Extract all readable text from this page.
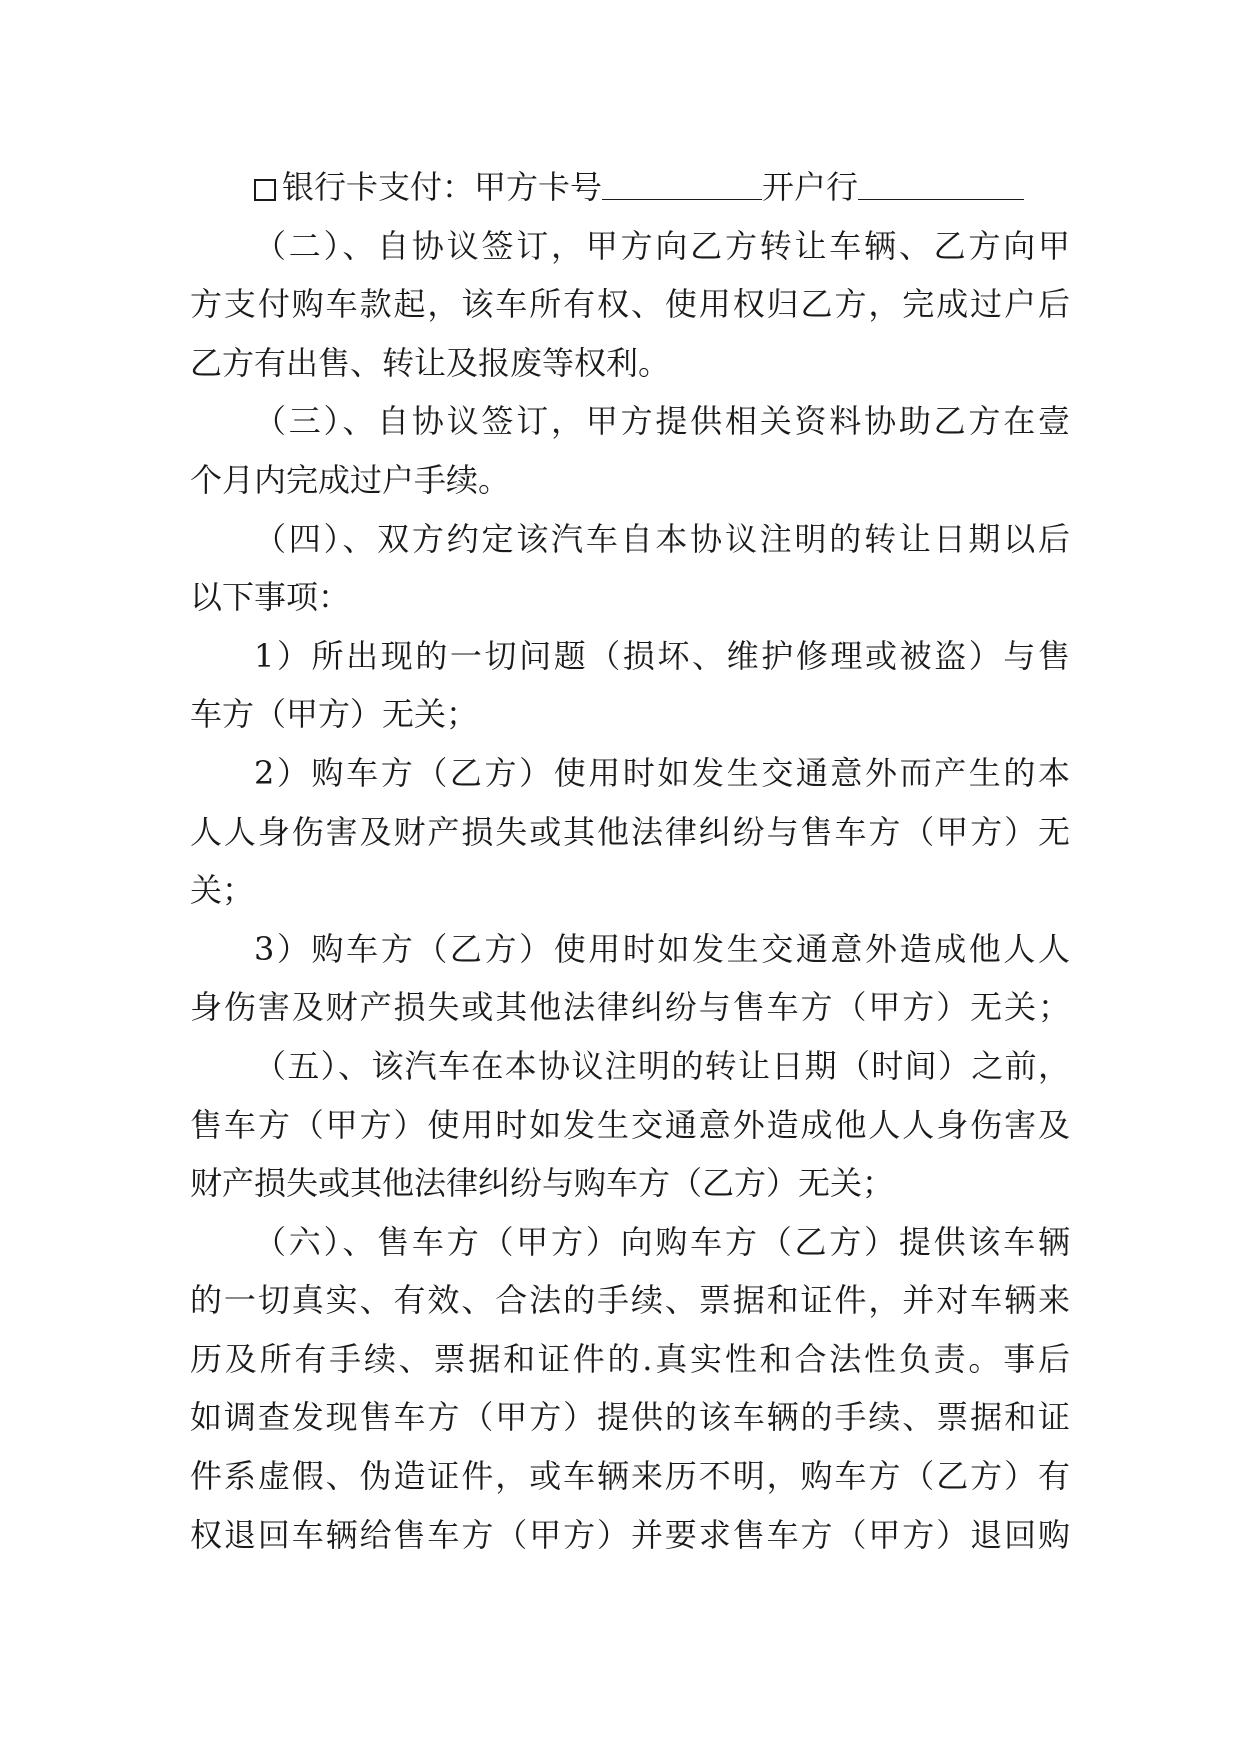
银行卡支付：甲方卡号	开户行
（二）、自协议签订，甲方向乙方转让车辆、乙方向甲
方支付购车款起，该车所有权、使用权归乙方，完成过户后
乙方有出售、转让及报废等权利。
（三）、自协议签订，甲方提供相关资料协助乙方在壹
个月内完成过户手续。
（四）、双方约定该汽车自本协议注明的转让日期以后
以下事项：
1）所出现的一切问题（损坏、维护修理或被盗）与售
车方（甲方）无关；
2）购车方（乙方）使用时如发生交通意外而产生的本
人人身伤害及财产损失或其他法律纠纷与售车方（甲方）无
关；
3）购车方（乙方）使用时如发生交通意外造成他人人
身伤害及财产损失或其他法律纠纷与售车方（甲方）无关；
（五）、该汽车在本协议注明的转让日期（时间）之前，
售车方（甲方）使用时如发生交通意外造成他人人身伤害及
财产损失或其他法律纠纷与购车方（乙方）无关；
（六）、售车方（甲方）向购车方（乙方）提供该车辆
的一切真实、有效、合法的手续、票据和证件，并对车辆来
历及所有手续、票据和证件的.真实性和合法性负责。事后
如调查发现售车方（甲方）提供的该车辆的手续、票据和证
件系虚假、伪造证件，或车辆来历不明，购车方（乙方）有
权退回车辆给售车方（甲方）并要求售车方（甲方）退回购
